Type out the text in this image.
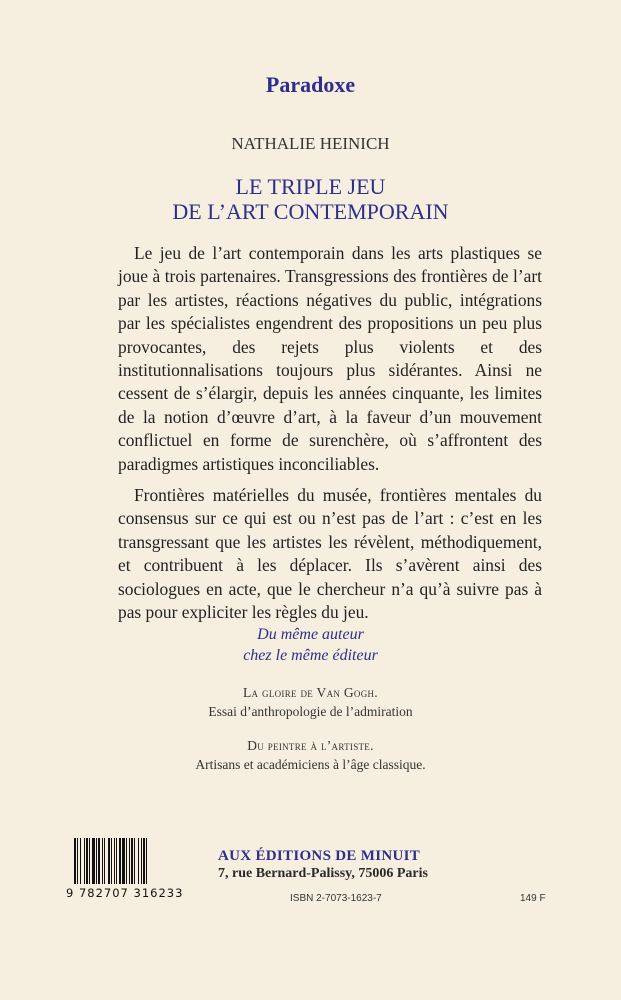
Paradoxe
NATHALIE HEINICH
LE TRIPLE JEU
DE L’ART CONTEMPORAIN

Le jeu de l’art contemporain dans les arts plastiques se joue à trois partenaires. Transgressions des frontières de l’art par les artistes, réactions négatives du public, intégrations par les spécialistes engendrent des propositions un peu plus provocantes, des rejets plus violents et des institutionnalisations toujours plus sidérantes. Ainsi ne cessent de s’élargir, depuis les années cinquante, les limites de la notion d’œuvre d’art, à la faveur d’un mouvement conflictuel en forme de surenchère, où s’affrontent des paradigmes artistiques inconciliables.

Frontières matérielles du musée, frontières mentales du consensus sur ce qui est ou n’est pas de l’art : c’est en les transgressant que les artistes les révèlent, méthodiquement, et contribuent à les déplacer. Ils s’avèrent ainsi des sociologues en acte, que le chercheur n’a qu’à suivre pas à pas pour expliciter les règles du jeu.

Du même auteur
chez le même éditeur
La gloire de Van Gogh.
Essai d’anthropologie de l’admiration
Du peintre à l’artiste.
Artisans et académiciens à l’âge classique.
9 782707 316233
AUX ÉDITIONS DE MINUIT
7, rue Bernard-Palissy, 75006 Paris
ISBN 2-7073-1623-7	149 F
